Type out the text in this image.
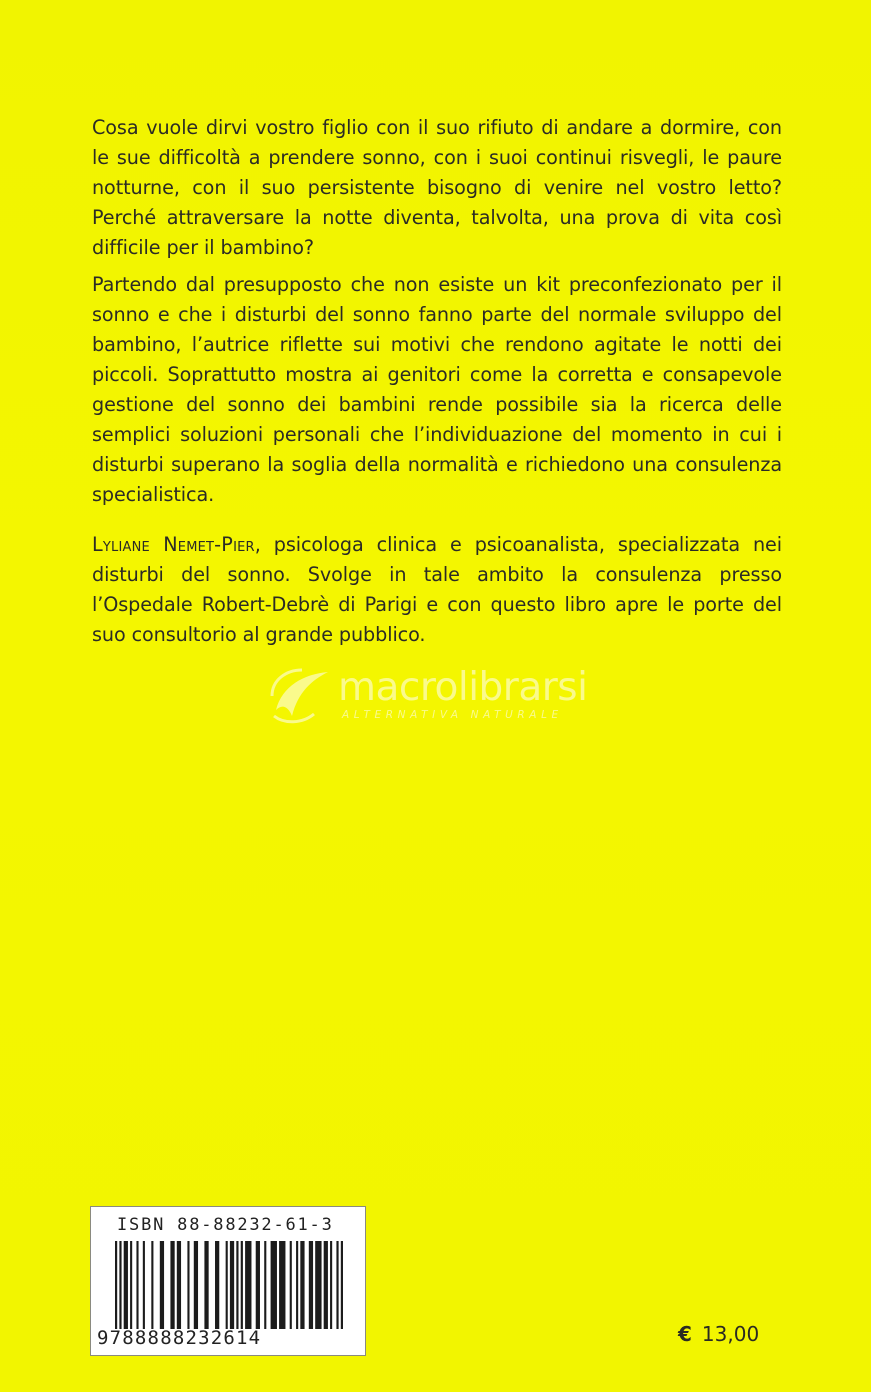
Cosa vuole dirvi vostro figlio con il suo rifiuto di andare a dormire, con le sue difficoltà a prendere sonno, con i suoi continui risvegli, le paure notturne, con il suo persistente bisogno di venire nel vostro letto? Perché attraversare la notte diventa, talvolta, una prova di vita così difficile per il bambino?

Partendo dal presupposto che non esiste un kit preconfezionato per il sonno e che i disturbi del sonno fanno parte del normale sviluppo del bambino, l’autrice riflette sui motivi che rendono agitate le notti dei piccoli. Soprattutto mostra ai genitori come la corretta e consapevole gestione del sonno dei bambini rende possibile sia la ricerca delle semplici soluzioni personali che l’individuazione del momento in cui i disturbi superano la soglia della normalità e richiedono una consulenza specialistica.

Lyliane Nemet-Pier, psicologa clinica e psicoanalista, specializzata nei disturbi del sonno. Svolge in tale ambito la consulenza presso l’Ospedale Robert-Debrè di Parigi e con questo libro apre le porte del suo consultorio al grande pubblico.

macrolibrarsi
ALTERNATIVA NATURALE
ISBN 88-88232-61-3
9788888232614	€ 13,00
